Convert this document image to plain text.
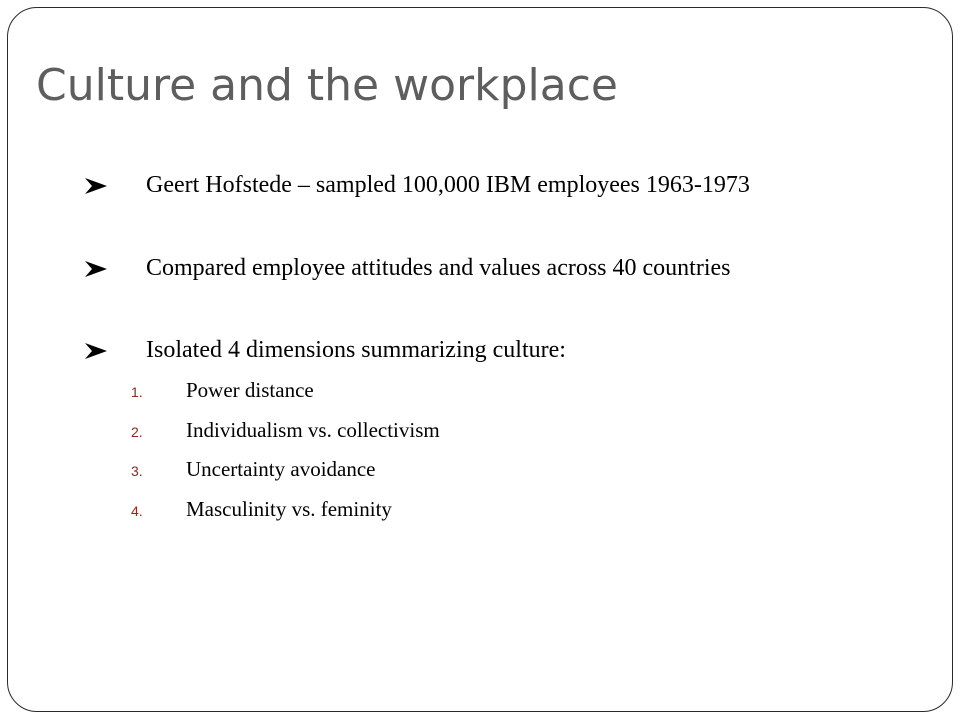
Culture and the workplace
Geert Hofstede – sampled 100,000 IBM employees 1963-1973
Compared employee attitudes and values across 40 countries
Isolated 4 dimensions summarizing culture:
1. Power distance
2. Individualism vs. collectivism
3. Uncertainty avoidance
4. Masculinity vs. feminity
